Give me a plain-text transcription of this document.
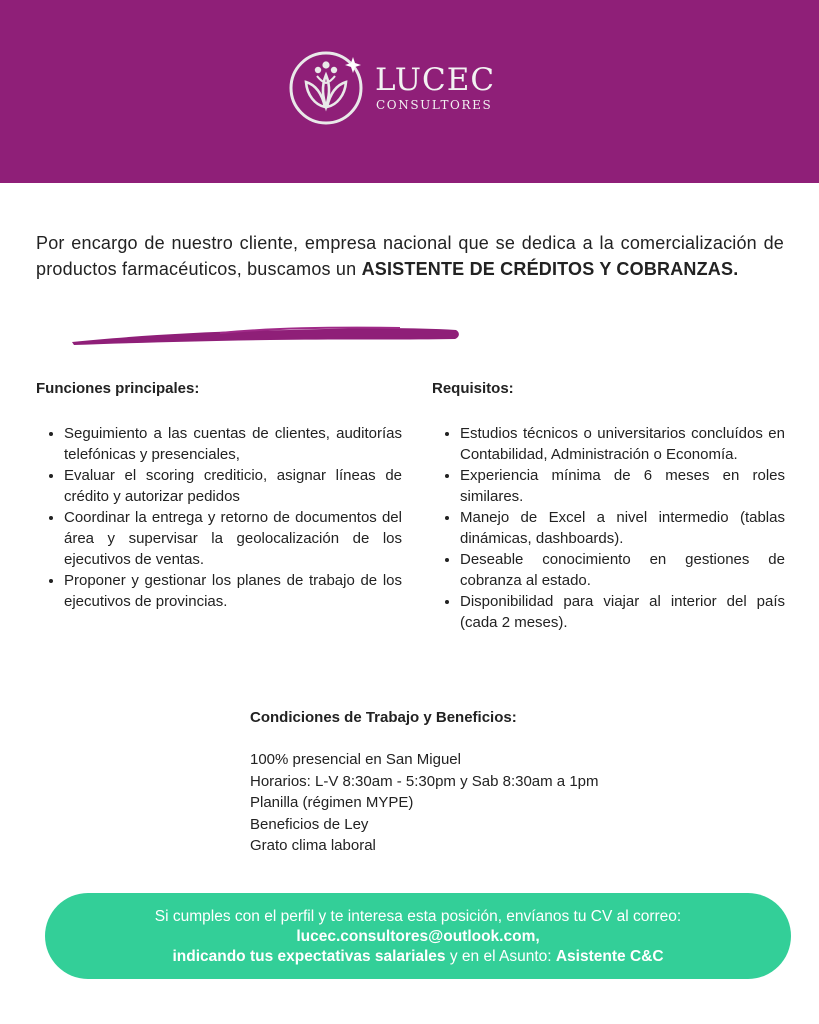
LUCEC
CONSULTORES

Por encargo de nuestro cliente, empresa nacional que se dedica a la comercialización de productos farmacéuticos, buscamos un ASISTENTE DE CRÉDITOS Y COBRANZAS.

Funciones principales:
• Seguimiento a las cuentas de clientes, auditorías telefónicas y presenciales,
• Evaluar el scoring crediticio, asignar líneas de crédito y autorizar pedidos
• Coordinar la entrega y retorno de documentos del área y supervisar la geolocalización de los ejecutivos de ventas.
• Proponer y gestionar los planes de trabajo de los ejecutivos de provincias.
Requisitos:
• Estudios técnicos o universitarios concluídos en Contabilidad, Administración o Economía.
• Experiencia mínima de 6 meses en roles similares.
• Manejo de Excel a nivel intermedio (tablas dinámicas, dashboards).
• Deseable conocimiento en gestiones de cobranza al estado.
• Disponibilidad para viajar al interior del país (cada 2 meses).
Condiciones de Trabajo y Beneficios:
100% presencial en San Miguel
Horarios: L-V 8:30am - 5:30pm y Sab 8:30am a 1pm
Planilla (régimen MYPE)
Beneficios de Ley
Grato clima laboral
Si cumples con el perfil y te interesa esta posición, envíanos tu CV al correo:
lucec.consultores@outlook.com,
indicando tus expectativas salariales y en el Asunto: Asistente C&C
